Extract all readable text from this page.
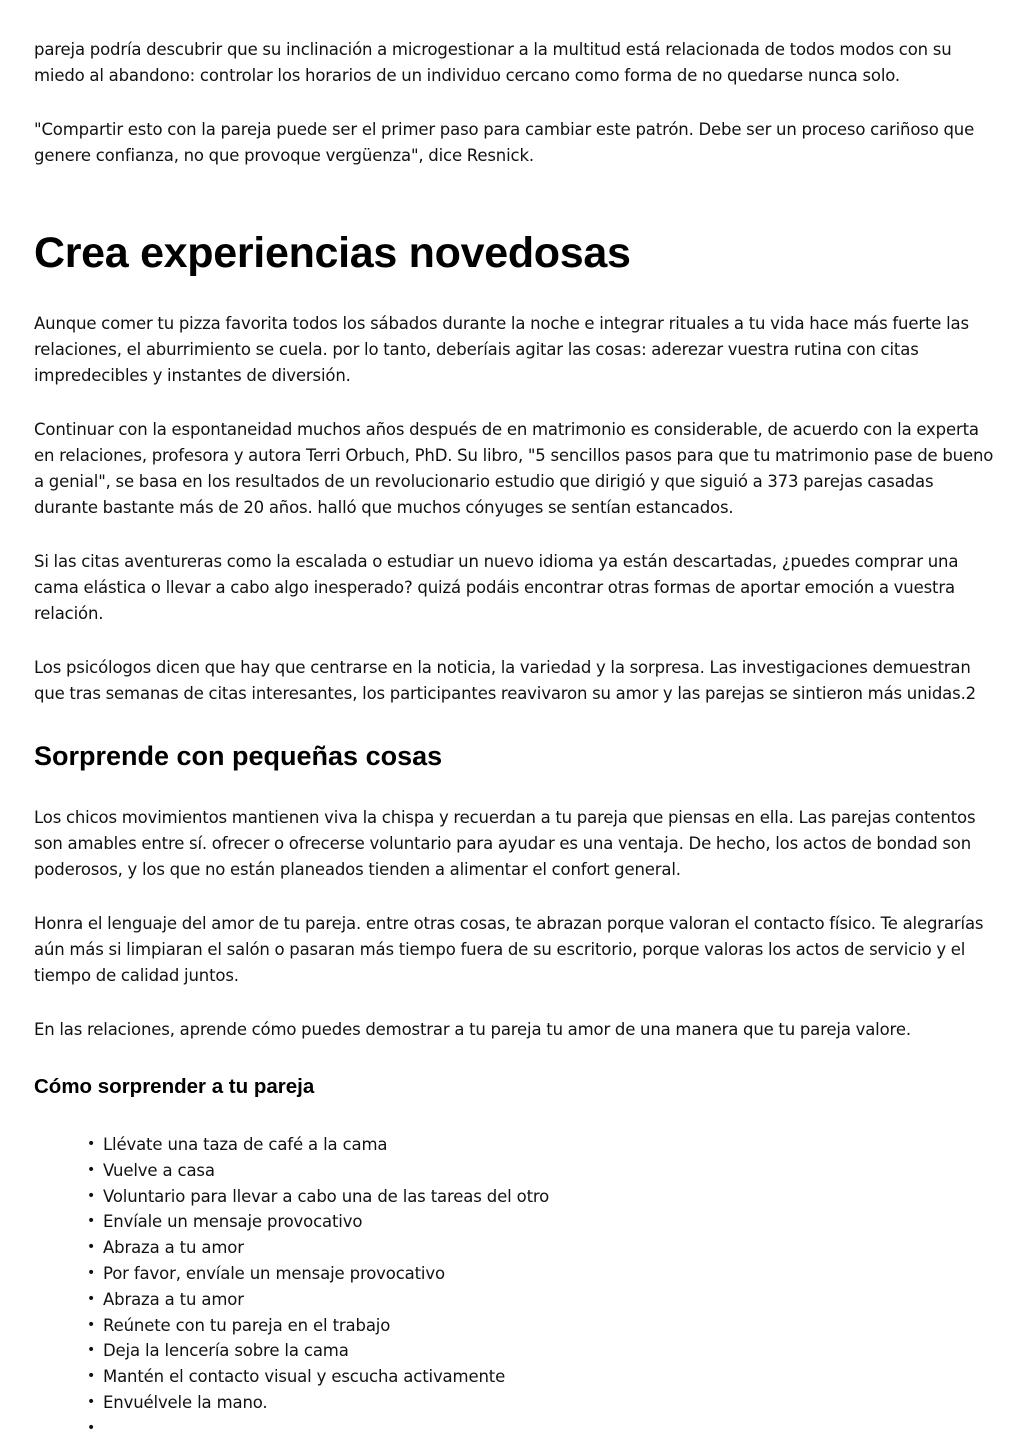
pareja podría descubrir que su inclinación a microgestionar a la multitud está relacionada de todos modos con su miedo al abandono: controlar los horarios de un individuo cercano como forma de no quedarse nunca solo.

"Compartir esto con la pareja puede ser el primer paso para cambiar este patrón. Debe ser un proceso cariñoso que genere confianza, no que provoque vergüenza", dice Resnick.

Crea experiencias novedosas

Aunque comer tu pizza favorita todos los sábados durante la noche e integrar rituales a tu vida hace más fuerte las relaciones, el aburrimiento se cuela. por lo tanto, deberíais agitar las cosas: aderezar vuestra rutina con citas impredecibles y instantes de diversión.

Continuar con la espontaneidad muchos años después de en matrimonio es considerable, de acuerdo con la experta en relaciones, profesora y autora Terri Orbuch, PhD. Su libro, "5 sencillos pasos para que tu matrimonio pase de bueno a genial", se basa en los resultados de un revolucionario estudio que dirigió y que siguió a 373 parejas casadas durante bastante más de 20 años. halló que muchos cónyuges se sentían estancados.

Si las citas aventureras como la escalada o estudiar un nuevo idioma ya están descartadas, ¿puedes comprar una cama elástica o llevar a cabo algo inesperado? quizá podáis encontrar otras formas de aportar emoción a vuestra relación.

Los psicólogos dicen que hay que centrarse en la noticia, la variedad y la sorpresa. Las investigaciones demuestran que tras semanas de citas interesantes, los participantes reavivaron su amor y las parejas se sintieron más unidas.2

Sorprende con pequeñas cosas

Los chicos movimientos mantienen viva la chispa y recuerdan a tu pareja que piensas en ella. Las parejas contentos son amables entre sí. ofrecer o ofrecerse voluntario para ayudar es una ventaja. De hecho, los actos de bondad son poderosos, y los que no están planeados tienden a alimentar el confort general.

Honra el lenguaje del amor de tu pareja. entre otras cosas, te abrazan porque valoran el contacto físico. Te alegrarías aún más si limpiaran el salón o pasaran más tiempo fuera de su escritorio, porque valoras los actos de servicio y el tiempo de calidad juntos.

En las relaciones, aprende cómo puedes demostrar a tu pareja tu amor de una manera que tu pareja valore.

Cómo sorprender a tu pareja
• Llévate una taza de café a la cama
• Vuelve a casa
• Voluntario para llevar a cabo una de las tareas del otro
• Envíale un mensaje provocativo
• Abraza a tu amor
• Por favor, envíale un mensaje provocativo
• Abraza a tu amor
• Reúnete con tu pareja en el trabajo
• Deja la lencería sobre la cama
• Mantén el contacto visual y escucha activamente
• Envuélvele la mano.
•
